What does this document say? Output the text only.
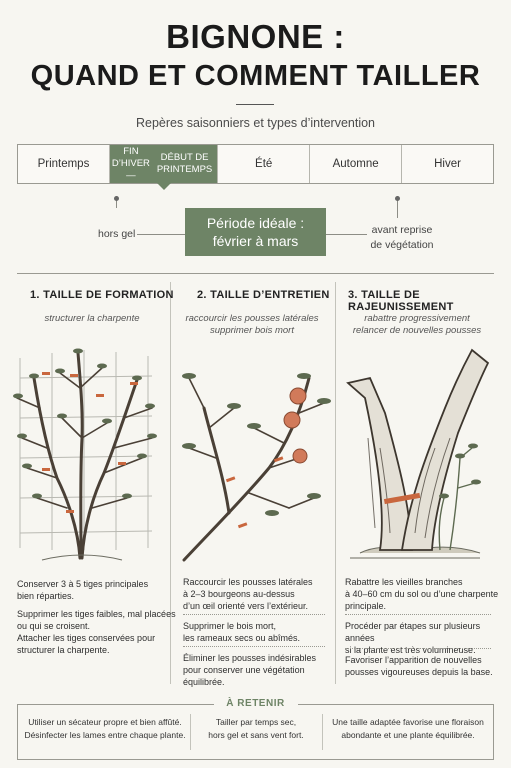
BIGNONE :
QUAND ET COMMENT TAILLER
Repères saisonniers et types d’intervention
Printemps
FIN D’HIVER —
DÉBUT DE PRINTEMPS	Été	Automne	Hiver
hors gel
Période idéale :
février à mars
avant reprise
de végétation
1. TAILLE DE FORMATION 2. TAILLE D’ENTRETIEN 3. TAILLE DE RAJEUNISSEMENT
structurer la charpente	raccourcir les pousses latérales
supprimer bois mort
rabattre progressivement
relancer de nouvelles pousses
Conserver 3 à 5 tiges principales
bien réparties.
Supprimer les tiges faibles, mal placées
ou qui se croisent.
Attacher les tiges conservées pour
structurer la charpente.
Raccourcir les pousses latérales
à 2–3 bourgeons au-dessus
d’un œil orienté vers l’extérieur.
Supprimer le bois mort,
les rameaux secs ou abîmés.
Éliminer les pousses indésirables
pour conserver une végétation
équilibrée.
Rabattre les vieilles branches
à 40–60 cm du sol ou d’une charpente
principale.
Procéder par étapes sur plusieurs années
si la plante est très volumineuse.
Favoriser l’apparition de nouvelles
pousses vigoureuses depuis la base.
À RETENIR
Utiliser un sécateur propre et bien affûté.
Désinfecter les lames entre chaque plante.
Tailler par temps sec,
hors gel et sans vent fort.
Une taille adaptée favorise une floraison
abondante et une plante équilibrée.
